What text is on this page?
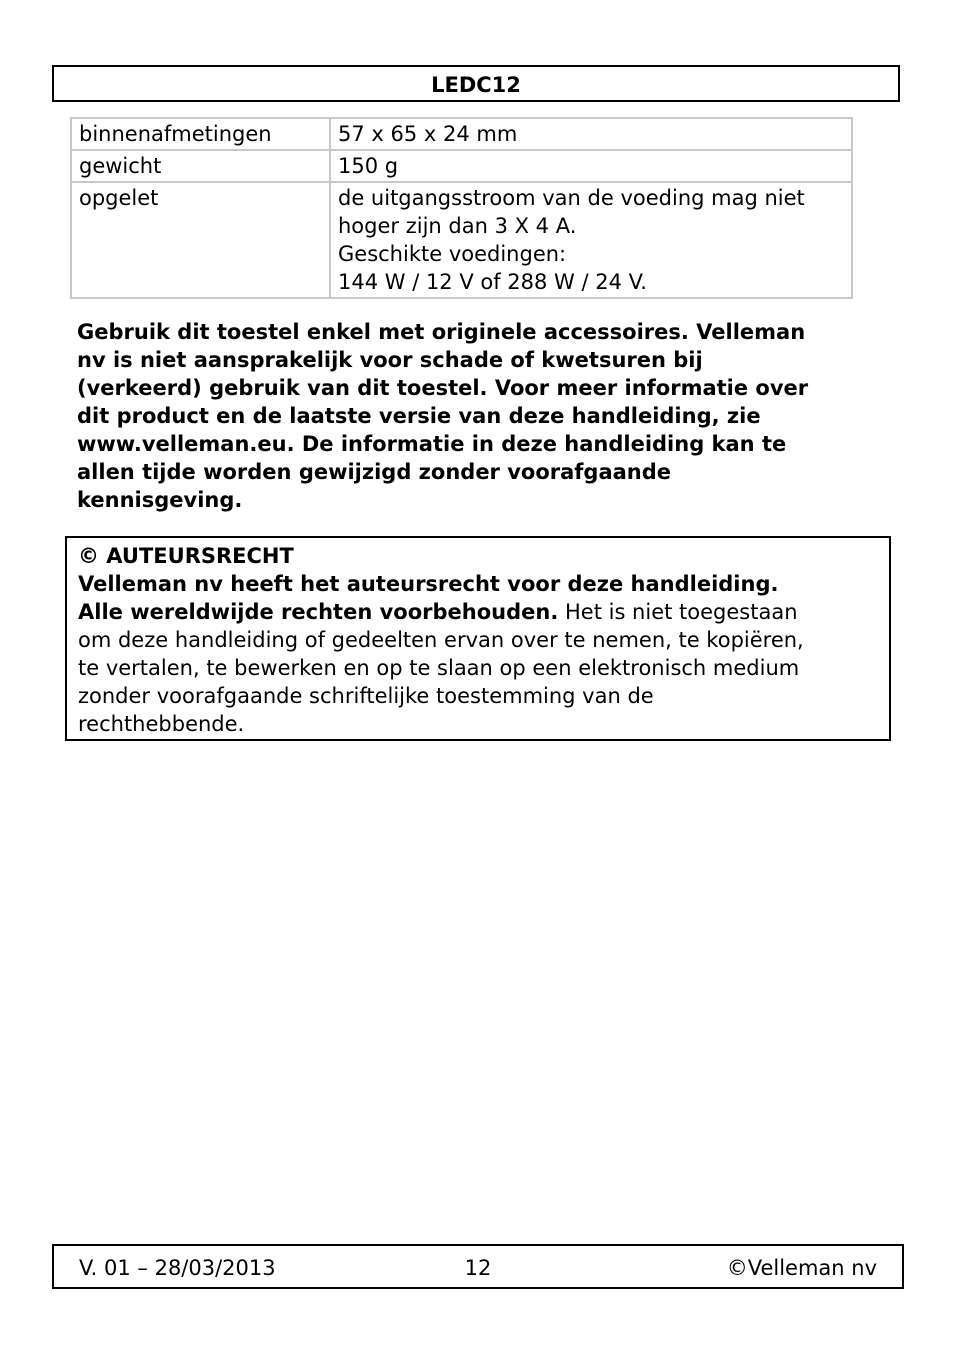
LEDC12
binnenafmetingen	57 x 65 x 24 mm

gewicht	150 g

opgelet	de uitgangsstroom van de voeding mag niet
hoger zijn dan 3 X 4 A.
Geschikte voedingen:
144 W / 12 V of 288 W / 24 V.
Gebruik dit toestel enkel met originele accessoires. Velleman
nv is niet aansprakelijk voor schade of kwetsuren bij
(verkeerd) gebruik van dit toestel. Voor meer informatie over
dit product en de laatste versie van deze handleiding, zie
www.velleman.eu. De informatie in deze handleiding kan te
allen tijde worden gewijzigd zonder voorafgaande
kennisgeving.
© AUTEURSRECHT
Velleman nv heeft het auteursrecht voor deze handleiding.
Alle wereldwijde rechten voorbehouden. Het is niet toegestaan
om deze handleiding of gedeelten ervan over te nemen, te kopiëren,
te vertalen, te bewerken en op te slaan op een elektronisch medium
zonder voorafgaande schriftelijke toestemming van de
rechthebbende.
V. 01 – 28/03/2013	12	©Velleman nv
